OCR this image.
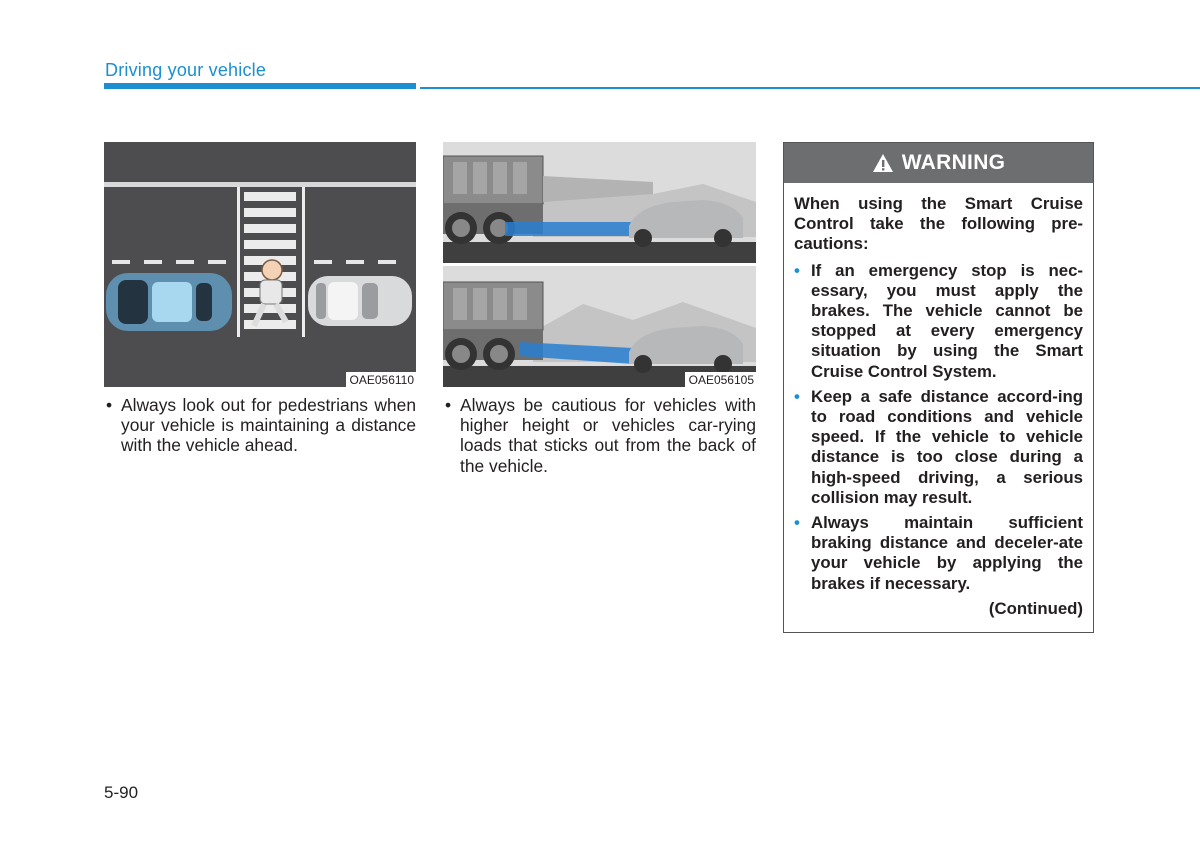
Driving your vehicle
OAE056110	OAE056105
• Always look out for pedestrians when your vehicle is maintaining a distance with the vehicle ahead.
• Always be cautious for vehicles with higher height or vehicles car-rying loads that sticks out from the back of the vehicle.
WARNING

When using the Smart Cruise Control take the following pre-cautions:

• If an emergency stop is nec-essary, you must apply the brakes. The vehicle cannot be stopped at every emergency situation by using the Smart Cruise Control System.
• Keep a safe distance accord-ing to road conditions and vehicle speed. If the vehicle to vehicle distance is too close during a high-speed driving, a serious collision may result.
• Always maintain sufficient braking distance and deceler-ate your vehicle by applying the brakes if necessary.
(Continued)
5-90
